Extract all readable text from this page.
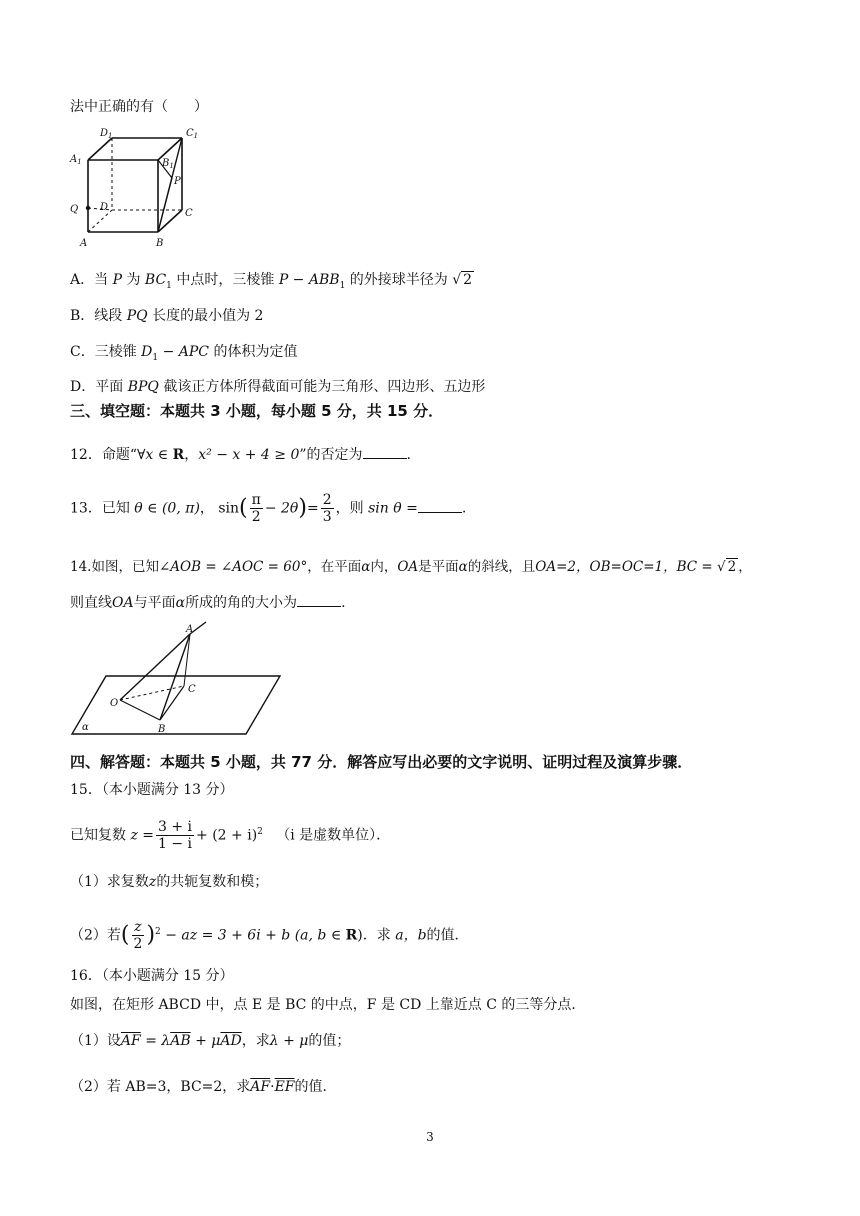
法中正确的有（ ）
$D_1$	$C_1$
$A_1$	$B_1$
P
Q D
C
A	B
A．当 P 为 $BC_1$ 中点时，三棱锥 $P - ABB_1$ 的外接球半径为 √ 2
B．线段 PQ 长度的最小值为 2
C．三棱锥 $D_1$ − APC 的体积为定值
D．平面 BPQ 截该正方体所得截面可能为三角形、四边形、五边形
三、填空题：本题共 3 小题，每小题 5 分，共 15 分．
12．命题“∀x ∈ R，x² − x + 4 ≥ 0”的否定为	.
13．已知 θ ∈ (0, π)， $\sin( \frac{\pi}{2} - 2\theta)= \frac{2}{3}$ ，则 sin θ =	.
14.如图，已知∠AOB = ∠AOC = 60°，在平面α内，OA是平面α的斜线，且OA=2，OB=OC=1，BC = √ 2 ，
则直线OA与平面α所成的角的大小为	.
A
O
C
B
α
四、解答题：本题共 5 小题，共 77 分．解答应写出必要的文字说明、证明过程及演算步骤．
15．（本小题满分 13 分）
已知复数 $z = \frac{3 + i}{1 - i} + (2 + i)^2$ （i 是虚数单位）．
（1）求复数z的共轭复数和模；
（2）若( $\frac{z}{2} )^2$ − az = 3 + 6i + b (a, b ∈ R)．求 a，b的值．
16．（本小题满分 15 分）
如图，在矩形 ABCD 中，点 E 是 BC 的中点，F 是 CD 上靠近点 C 的三等分点．
（1）设$\overline{AF} = \lambda\overline{AB} + \mu\overline{AD}$，求λ + μ的值；
（2）若 AB=3，BC=2，求$\overline{AF}\cdot\overline{EF}$的值．
3
